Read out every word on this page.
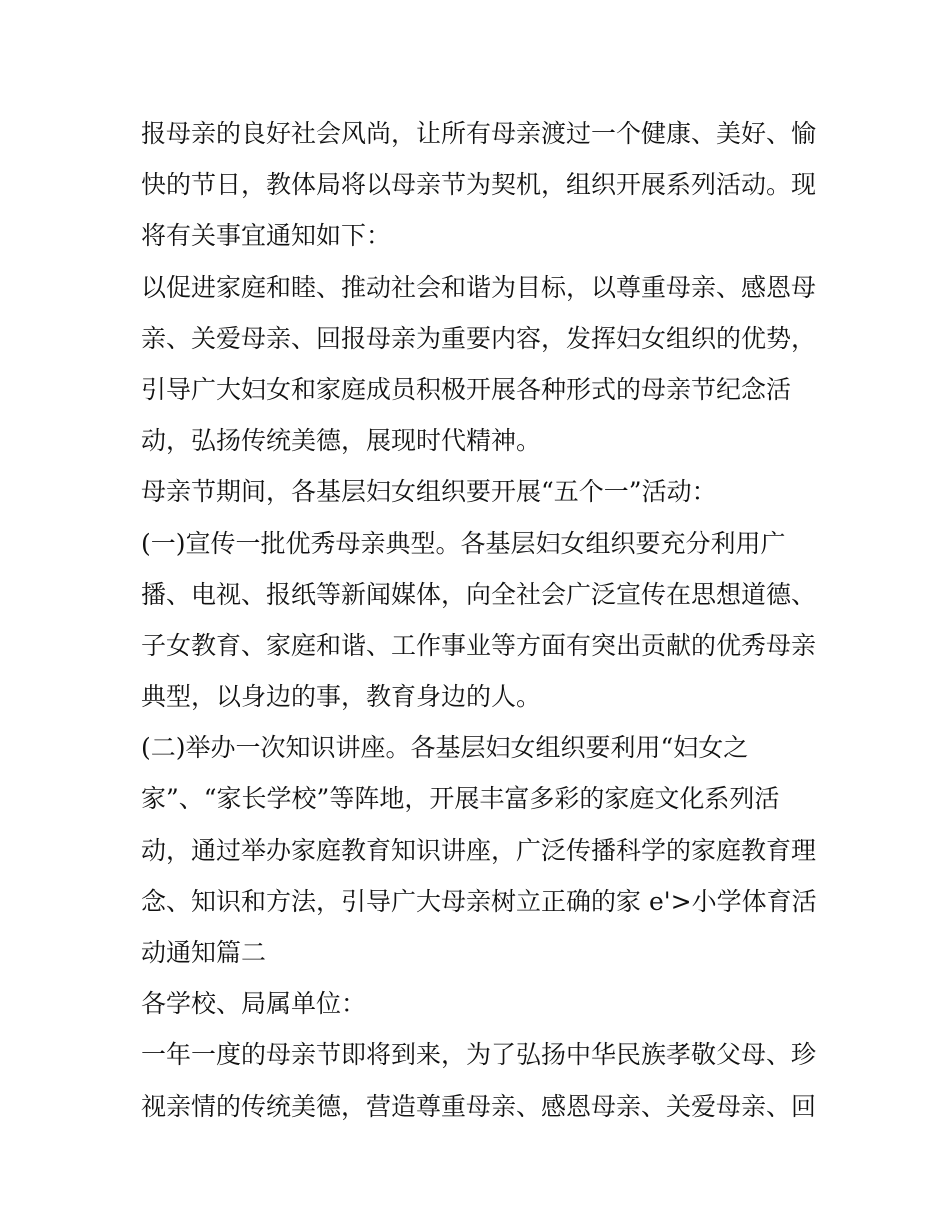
报母亲的良好社会风尚，让所有母亲渡过一个健康、美好、愉

快的节日，教体局将以母亲节为契机，组织开展系列活动。现

将有关事宜通知如下：

以促进家庭和睦、推动社会和谐为目标，以尊重母亲、感恩母

亲、关爱母亲、回报母亲为重要内容，发挥妇女组织的优势，

引导广大妇女和家庭成员积极开展各种形式的母亲节纪念活

动，弘扬传统美德，展现时代精神。

母亲节期间，各基层妇女组织要开展“五个一”活动：

(一)宣传一批优秀母亲典型。各基层妇女组织要充分利用广

播、电视、报纸等新闻媒体，向全社会广泛宣传在思想道德、

子女教育、家庭和谐、工作事业等方面有突出贡献的优秀母亲

典型，以身边的事，教育身边的人。

(二)举办一次知识讲座。各基层妇女组织要利用“妇女之

家”、“家长学校”等阵地，开展丰富多彩的家庭文化系列活

动，通过举办家庭教育知识讲座，广泛传播科学的家庭教育理

念、知识和方法，引导广大母亲树立正确的家 e'>小学体育活

动通知篇二

各学校、局属单位：

一年一度的母亲节即将到来，为了弘扬中华民族孝敬父母、珍

视亲情的传统美德，营造尊重母亲、感恩母亲、关爱母亲、回
